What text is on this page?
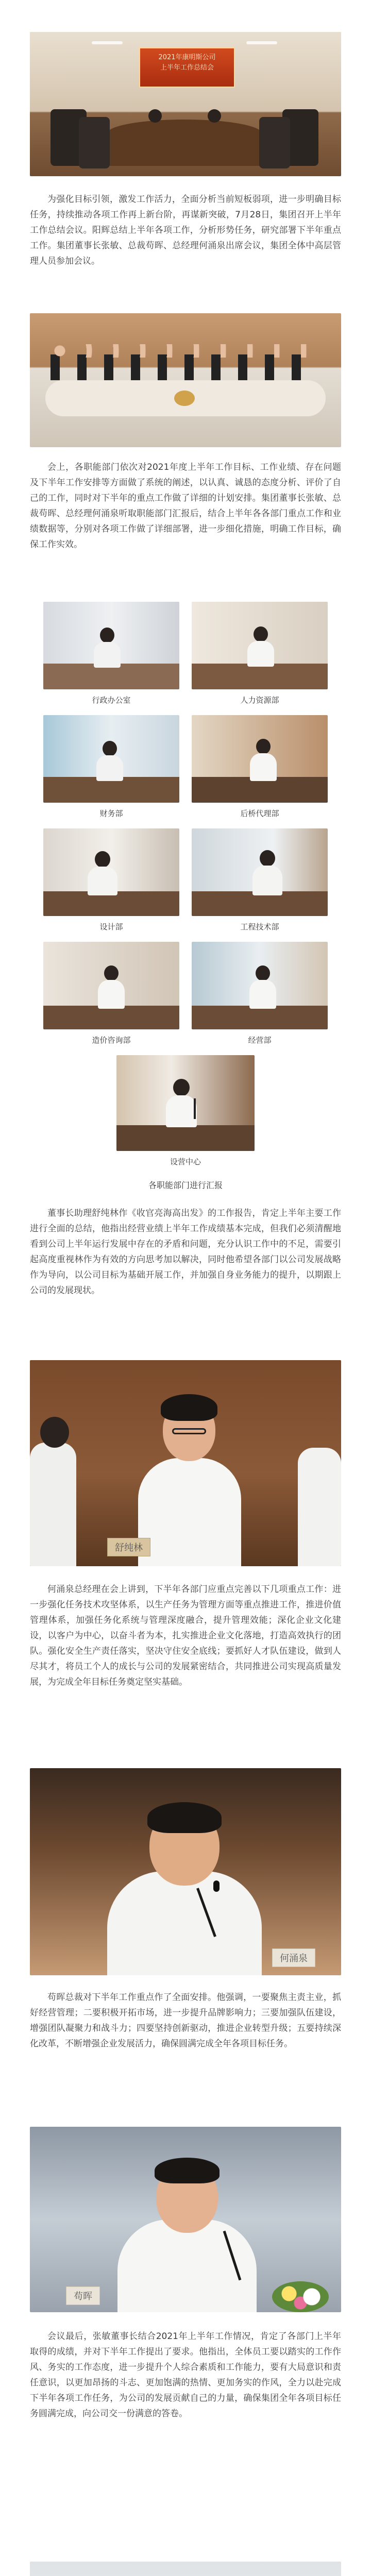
2021年康明斯公司
上半年工作总结会

为强化目标引领，激发工作活力，全面分析当前短板弱项，进一步明确目标任务，持续推动各项工作再上新台阶，再谋新突破，7月28日，集团召开上半年工作总结会议。阳辉总结上半年各项工作，分析形势任务，研究部署下半年重点工作。集团董事长张敏、总裁苟晖、总经理何涌泉出席会议，集团全体中高层管理人员参加会议。

会上，各职能部门依次对2021年度上半年工作目标、工作业绩、存在问题及下半年工作安排等方面做了系统的阐述，以认真、诚恳的态度分析、评价了自己的工作，同时对下半年的重点工作做了详细的计划安排。集团董事长张敏、总裁苟晖、总经理何涌泉听取职能部门汇报后，结合上半年各各部门重点工作和业绩数据等，分别对各项工作做了详细部署，进一步细化措施，明确工作目标，确保工作实效。

行政办公室	人力资源部
财务部	后桥代理部
设计部	工程技术部
造价咨询部	经营部
设营中心
各职能部门进行汇报

董事长助理舒纯林作《收官亮海高出发》的工作报告，肯定上半年主要工作进行全面的总结，他指出经营业绩上半年工作成绩基本完成，但我们必须清醒地看到公司上半年运行发展中存在的矛盾和问题，充分认识工作中的不足，需要引起高度重视林作为有效的方向思考加以解决，同时他希望各部门以公司发展战略作为导向，以公司目标为基础开展工作，并加强自身业务能力的提升，以期跟上公司的发展现状。

舒纯林

何涌泉总经理在会上讲到，下半年各部门应重点完善以下几项重点工作：进一步强化任务技术攻坚体系，以生产任务为管理方面等重点推进工作，推进价值管理体系，加强任务化系统与管理深度融合，提升管理效能；深化企业文化建设，以客户为中心，以奋斗者为本，扎实推进企业文化落地，打造高效执行的团队。强化安全生产责任落实，坚决守住安全底线；要抓好人才队伍建设，做到人尽其才，将员工个人的成长与公司的发展紧密结合，共同推进公司实现高质量发展，为完成全年目标任务奠定坚实基础。

何涌泉

苟晖总裁对下半年工作重点作了全面安排。他强调，一要聚焦主责主业，抓好经营管理；二要积极开拓市场，进一步提升品牌影响力；三要加强队伍建设，增强团队凝聚力和战斗力；四要坚持创新驱动，推进企业转型升级；五要持续深化改革，不断增强企业发展活力，确保圆满完成全年各项目标任务。

苟晖

会议最后，张敏董事长结合2021年上半年工作情况，肯定了各部门上半年取得的成绩，并对下半年工作提出了要求。他指出，全体员工要以踏实的工作作风、务实的工作态度，进一步提升个人综合素质和工作能力，要有大局意识和责任意识，以更加昂扬的斗志、更加饱满的热情、更加务实的作风，全力以赴完成下半年各项工作任务，为公司的发展贡献自己的力量，确保集团全年各项目标任务圆满完成，向公司交一份满意的答卷。
